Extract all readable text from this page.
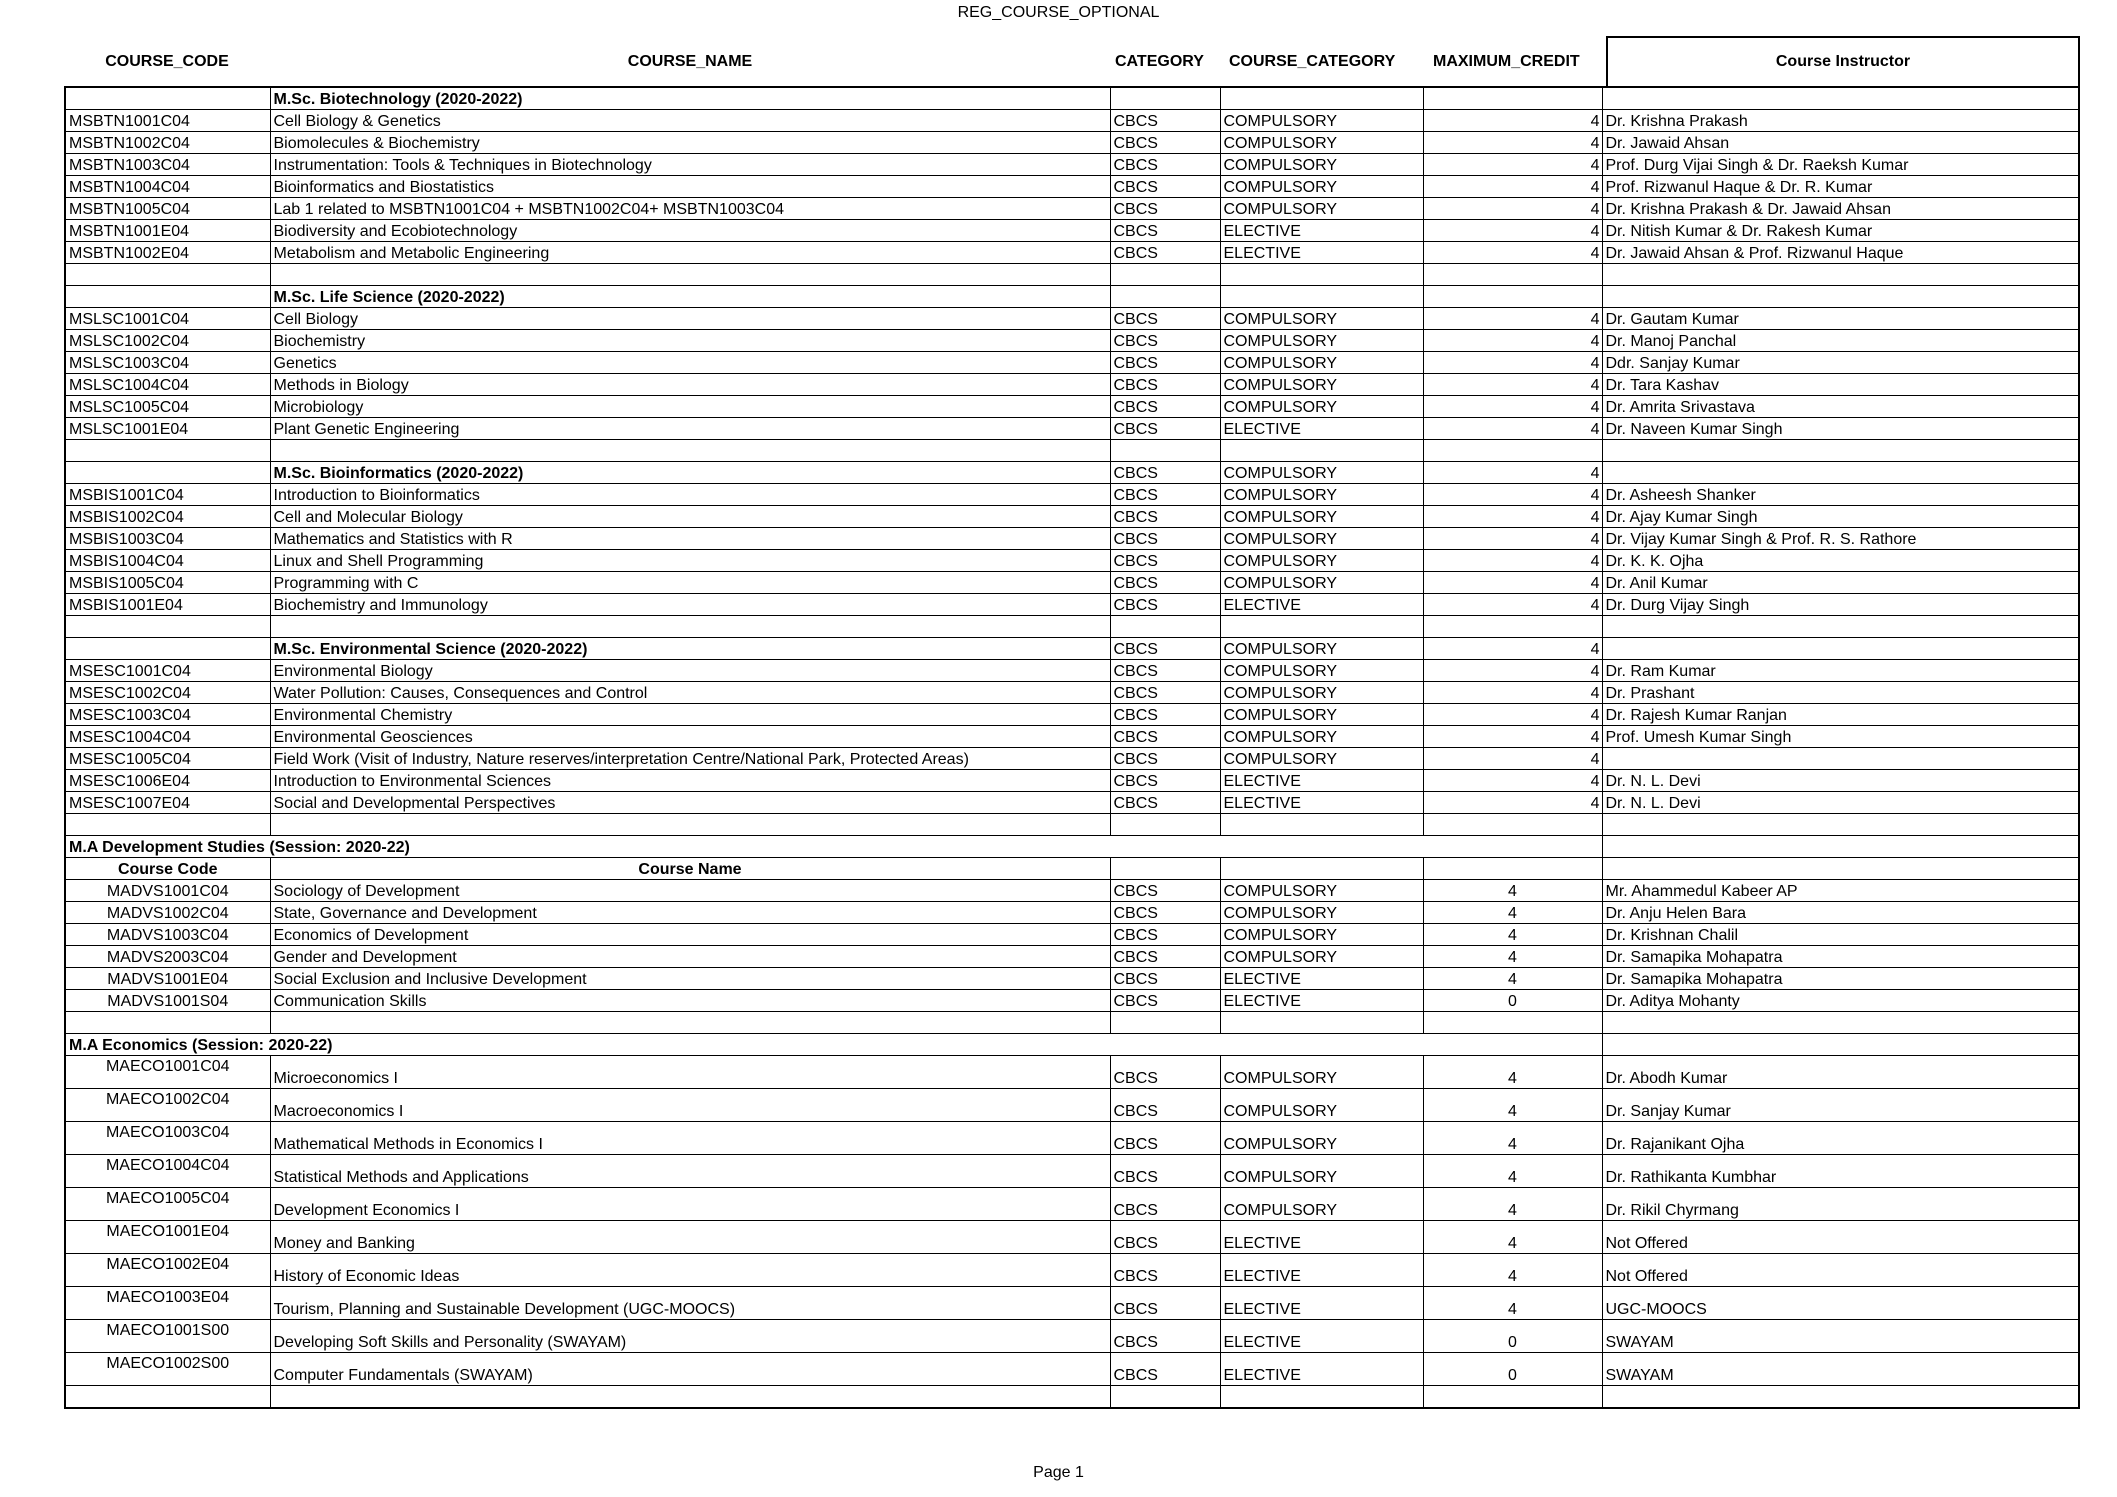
REG_COURSE_OPTIONAL
COURSE_CODE	COURSE_NAME	CATEGORY	COURSE_CATEGORY	MAXIMUM_CREDIT	Course Instructor
	M.Sc. Biotechnology (2020-2022)				
MSBTN1001C04	Cell Biology & Genetics	CBCS	COMPULSORY	4	Dr. Krishna Prakash
MSBTN1002C04	Biomolecules & Biochemistry	CBCS	COMPULSORY	4	Dr. Jawaid Ahsan
MSBTN1003C04	Instrumentation: Tools & Techniques in Biotechnology	CBCS	COMPULSORY	4	Prof. Durg Vijai Singh & Dr. Raeksh Kumar
MSBTN1004C04	Bioinformatics and Biostatistics	CBCS	COMPULSORY	4	Prof. Rizwanul Haque & Dr. R. Kumar
MSBTN1005C04	Lab 1 related to MSBTN1001C04 + MSBTN1002C04+ MSBTN1003C04	CBCS	COMPULSORY	4	Dr. Krishna Prakash & Dr. Jawaid Ahsan
MSBTN1001E04	Biodiversity and Ecobiotechnology	CBCS	ELECTIVE	4	Dr. Nitish Kumar & Dr. Rakesh Kumar
MSBTN1002E04	Metabolism and Metabolic Engineering	CBCS	ELECTIVE	4	Dr. Jawaid Ahsan & Prof. Rizwanul Haque

	M.Sc. Life Science (2020-2022)				
MSLSC1001C04	Cell Biology	CBCS	COMPULSORY	4	Dr. Gautam Kumar
MSLSC1002C04	Biochemistry	CBCS	COMPULSORY	4	Dr. Manoj Panchal
MSLSC1003C04	Genetics	CBCS	COMPULSORY	4	Ddr. Sanjay Kumar
MSLSC1004C04	Methods in Biology	CBCS	COMPULSORY	4	Dr. Tara Kashav
MSLSC1005C04	Microbiology	CBCS	COMPULSORY	4	Dr. Amrita Srivastava
MSLSC1001E04	Plant Genetic Engineering	CBCS	ELECTIVE	4	Dr. Naveen Kumar Singh

	M.Sc. Bioinformatics (2020-2022)	CBCS	COMPULSORY	4	
MSBIS1001C04	Introduction to Bioinformatics	CBCS	COMPULSORY	4	Dr. Asheesh Shanker
MSBIS1002C04	Cell and Molecular Biology	CBCS	COMPULSORY	4	Dr. Ajay Kumar Singh
MSBIS1003C04	Mathematics and Statistics with R	CBCS	COMPULSORY	4	Dr. Vijay Kumar Singh & Prof. R. S. Rathore
MSBIS1004C04	Linux and Shell Programming	CBCS	COMPULSORY	4	Dr. K. K. Ojha
MSBIS1005C04	Programming with C	CBCS	COMPULSORY	4	Dr. Anil Kumar
MSBIS1001E04	Biochemistry and Immunology	CBCS	ELECTIVE	4	Dr. Durg Vijay Singh

	M.Sc. Environmental Science (2020-2022)	CBCS	COMPULSORY	4	
MSESC1001C04	Environmental Biology	CBCS	COMPULSORY	4	Dr. Ram Kumar
MSESC1002C04	Water Pollution: Causes, Consequences and Control	CBCS	COMPULSORY	4	Dr. Prashant
MSESC1003C04	Environmental Chemistry	CBCS	COMPULSORY	4	Dr. Rajesh Kumar Ranjan
MSESC1004C04	Environmental Geosciences	CBCS	COMPULSORY	4	Prof. Umesh Kumar Singh
MSESC1005C04	Field Work (Visit of Industry, Nature reserves/interpretation Centre/National Park, Protected Areas)	CBCS	COMPULSORY	4	
MSESC1006E04	Introduction to Environmental Sciences	CBCS	ELECTIVE	4	Dr. N. L. Devi
MSESC1007E04	Social and Developmental Perspectives	CBCS	ELECTIVE	4	Dr. N. L. Devi

M.A Development Studies (Session: 2020-22)					
Course Code	Course Name				
MADVS1001C04	Sociology of Development	CBCS	COMPULSORY	4	Mr. Ahammedul Kabeer AP
MADVS1002C04	State, Governance and Development	CBCS	COMPULSORY	4	Dr. Anju Helen Bara
MADVS1003C04	Economics of Development	CBCS	COMPULSORY	4	Dr. Krishnan Chalil
MADVS2003C04	Gender and Development	CBCS	COMPULSORY	4	Dr. Samapika Mohapatra
MADVS1001E04	Social Exclusion and Inclusive Development	CBCS	ELECTIVE	4	Dr. Samapika Mohapatra
MADVS1001S04	Communication Skills	CBCS	ELECTIVE	0	Dr. Aditya Mohanty

M.A Economics (Session: 2020-22)					
MAECO1001C04	Microeconomics I	CBCS	COMPULSORY	4	Dr. Abodh Kumar
MAECO1002C04	Macroeconomics I	CBCS	COMPULSORY	4	Dr. Sanjay Kumar
MAECO1003C04	Mathematical Methods in Economics I	CBCS	COMPULSORY	4	Dr. Rajanikant Ojha
MAECO1004C04	Statistical Methods and Applications	CBCS	COMPULSORY	4	Dr. Rathikanta Kumbhar
MAECO1005C04	Development Economics I	CBCS	COMPULSORY	4	Dr. Rikil Chyrmang
MAECO1001E04	Money and Banking	CBCS	ELECTIVE	4	Not Offered
MAECO1002E04	History of Economic Ideas	CBCS	ELECTIVE	4	Not Offered
MAECO1003E04	Tourism, Planning and Sustainable Development (UGC-MOOCS)	CBCS	ELECTIVE	4	UGC-MOOCS
MAECO1001S00	Developing Soft Skills and Personality (SWAYAM)	CBCS	ELECTIVE	0	SWAYAM
MAECO1002S00	Computer Fundamentals (SWAYAM)	CBCS	ELECTIVE	0	SWAYAM

Page 1
